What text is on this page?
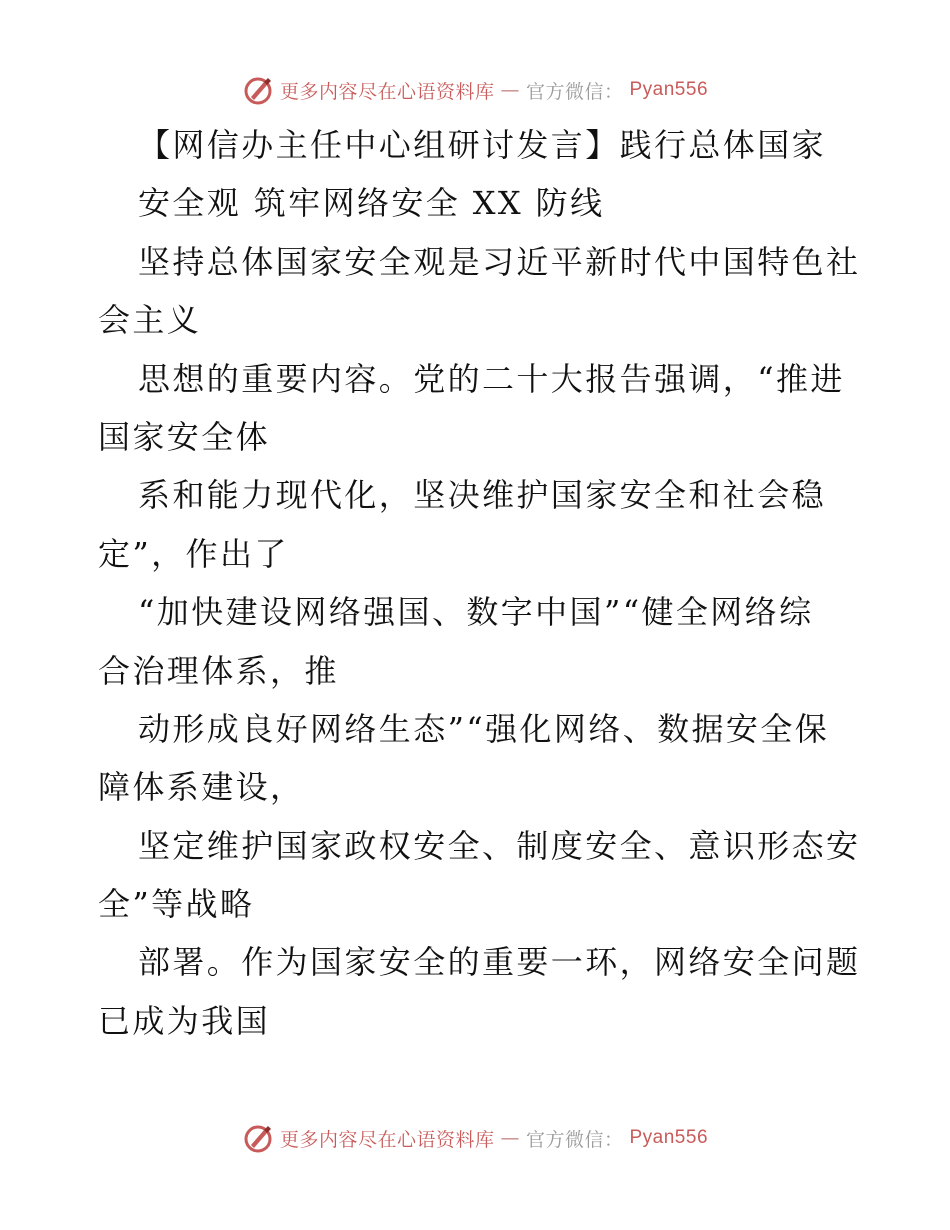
更多内容尽在心语资料库 — 官方微信： Pyan556
【网信办主任中心组研讨发言】践行总体国家
安全观 筑牢网络安全 XX 防线
坚持总体国家安全观是习近平新时代中国特色社
会主义
思想的重要内容。党的二十大报告强调，“推进
国家安全体
系和能力现代化，坚决维护国家安全和社会稳
定”，作出了
“加快建设网络强国、数字中国”“健全网络综
合治理体系，推
动形成良好网络生态”“强化网络、数据安全保
障体系建设，
坚定维护国家政权安全、制度安全、意识形态安
全”等战略
部署。作为国家安全的重要一环，网络安全问题
已成为我国
更多内容尽在心语资料库 — 官方微信： Pyan556
